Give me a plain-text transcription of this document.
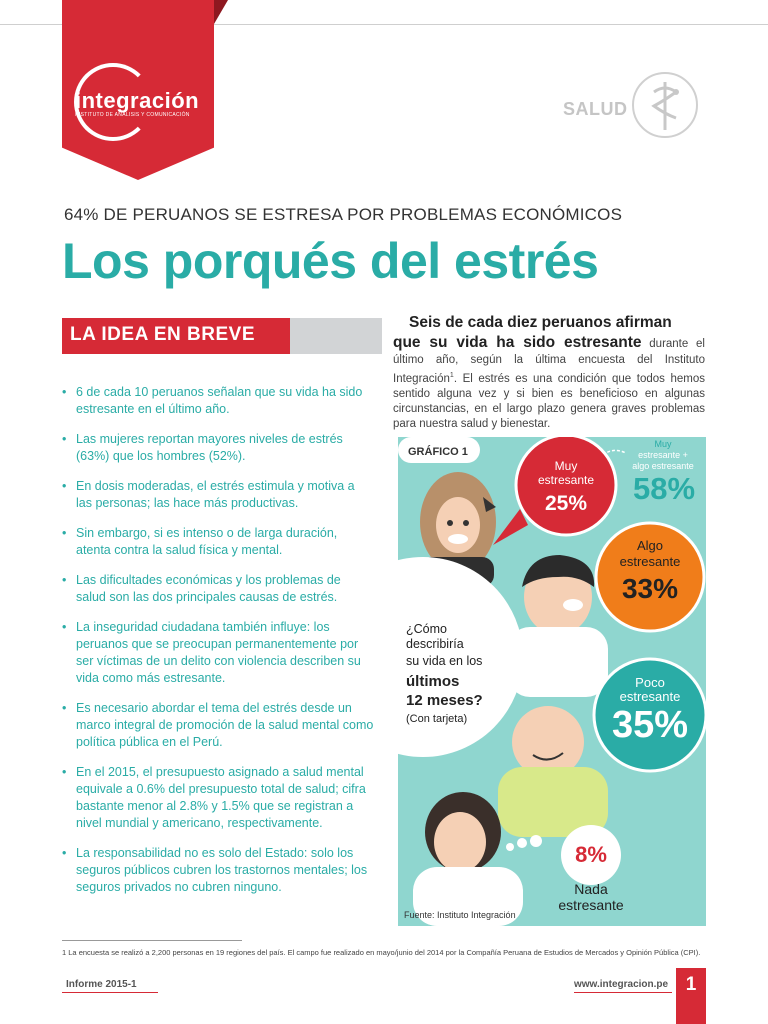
integración
INSTITUTO DE ANÁLISIS Y COMUNICACIÓN	SALUD
64% DE PERUANOS SE ESTRESA POR PROBLEMAS ECONÓMICOS
Los porqués del estrés
LA IDEA EN BREVE
• 6 de cada 10 peruanos señalan que su vida ha sido estresante en el último año.
• Las mujeres reportan mayores niveles de estrés (63%) que los hombres (52%).
• En dosis moderadas, el estrés estimula y motiva a las personas; las hace más productivas.
• Sin embargo, si es intenso o de larga duración, atenta contra la salud física y mental.
• Las dificultades económicas y los problemas de salud son las dos principales causas de estrés.
• La inseguridad ciudadana también influye: los peruanos que se preocupan permanentemente por ser víctimas de un delito con violencia describen su vida como más estresante.
• Es necesario abordar el tema del estrés desde un marco integral de promoción de la salud mental como política pública en el Perú.
• En el 2015, el presupuesto asignado a salud mental equivale a 0.6% del presupuesto total de salud; cifra bastante menor al 2.8% y 1.5% que se registran a nivel mundial y americano, respectivamente.
• La responsabilidad no es solo del Estado: solo los seguros públicos cubren los trastornos mentales; los seguros privados no cubren ninguno.
Seis de cada diez peruanos afirman
que su vida ha sido estresante durante el último año, según la última encuesta del Instituto Integración$^1$. El estrés es una condición que todos hemos sentido alguna vez y si bien es beneficioso en algunas circunstancias, en el largo plazo genera graves problemas para nuestra salud y bienestar.
GRÁFICO 1
Muy
estresante +
algo estresante
58%
¿Cómo
describiría
su vida en los
últimos
12 meses?
(Con tarjeta)
Muy
estresante
25%
Algo
estresante
33%
Poco
estresante
35%
8%
Nada
estresante
Fuente: Instituto Integración
1 La encuesta se realizó a 2,200 personas en 19 regiones del país. El campo fue realizado en mayo/junio del 2014 por la Compañía Peruana de Estudios de Mercados y Opinión Pública (CPI).
Informe 2015-1	www.integracion.pe 1
